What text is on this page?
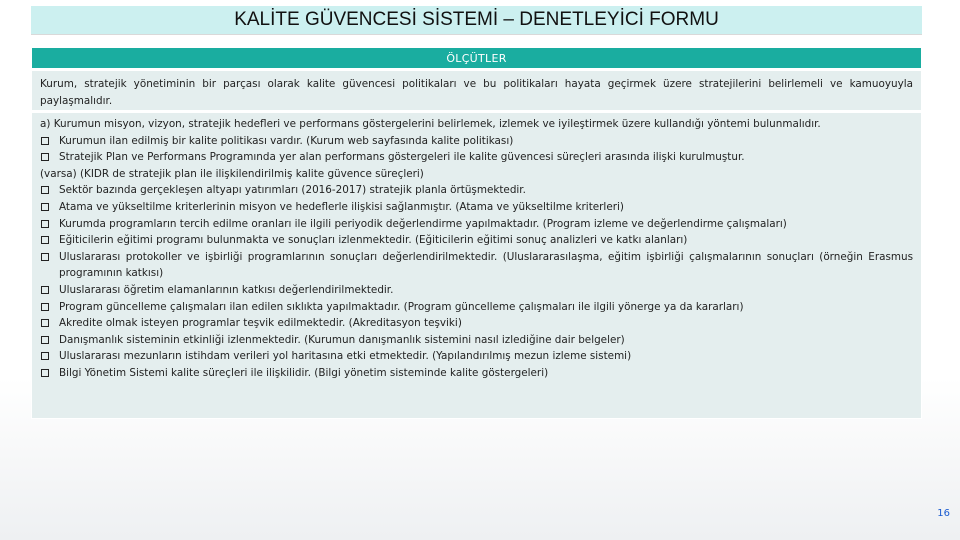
KALİTE GÜVENCESİ SİSTEMİ – DENETLEYİCİ FORMU
ÖLÇÜTLER
Kurum, stratejik yönetiminin bir parçası olarak kalite güvencesi politikaları ve bu politikaları hayata geçirmek üzere stratejilerini belirlemeli ve kamuoyuyla paylaşmalıdır.
a) Kurumun misyon, vizyon, stratejik hedefleri ve performans göstergelerini belirlemek, izlemek ve iyileştirmek üzere kullandığı yöntemi bulunmalıdır.
Kurumun ilan edilmiş bir kalite politikası vardır. (Kurum web sayfasında kalite politikası)
Stratejik Plan ve Performans Programında yer alan performans göstergeleri ile kalite güvencesi süreçleri arasında ilişki kurulmuştur.
(varsa) (KIDR de stratejik plan ile ilişkilendirilmiş kalite güvence süreçleri)
Sektör bazında gerçekleşen altyapı yatırımları (2016-2017) stratejik planla örtüşmektedir.
Atama ve yükseltilme kriterlerinin misyon ve hedeflerle ilişkisi sağlanmıştır. (Atama ve yükseltilme kriterleri)
Kurumda programların tercih edilme oranları ile ilgili periyodik değerlendirme yapılmaktadır. (Program izleme ve değerlendirme çalışmaları)
Eğiticilerin eğitimi programı bulunmakta ve sonuçları izlenmektedir. (Eğiticilerin eğitimi sonuç analizleri ve katkı alanları)
Uluslararası protokoller ve işbirliği programlarının sonuçları değerlendirilmektedir. (Uluslararasılaşma, eğitim işbirliği çalışmalarının sonuçları (örneğin Erasmus programının katkısı)
Uluslararası öğretim elamanlarının katkısı değerlendirilmektedir.
Program güncelleme çalışmaları ilan edilen sıklıkta yapılmaktadır. (Program güncelleme çalışmaları ile ilgili yönerge ya da kararları)
Akredite olmak isteyen programlar teşvik edilmektedir. (Akreditasyon teşviki)
Danışmanlık sisteminin etkinliği izlenmektedir. (Kurumun danışmanlık sistemini nasıl izlediğine dair belgeler)
Uluslararası mezunların istihdam verileri yol haritasına etki etmektedir. (Yapılandırılmış mezun izleme sistemi)
Bilgi Yönetim Sistemi kalite süreçleri ile ilişkilidir. (Bilgi yönetim sisteminde kalite göstergeleri)
16
